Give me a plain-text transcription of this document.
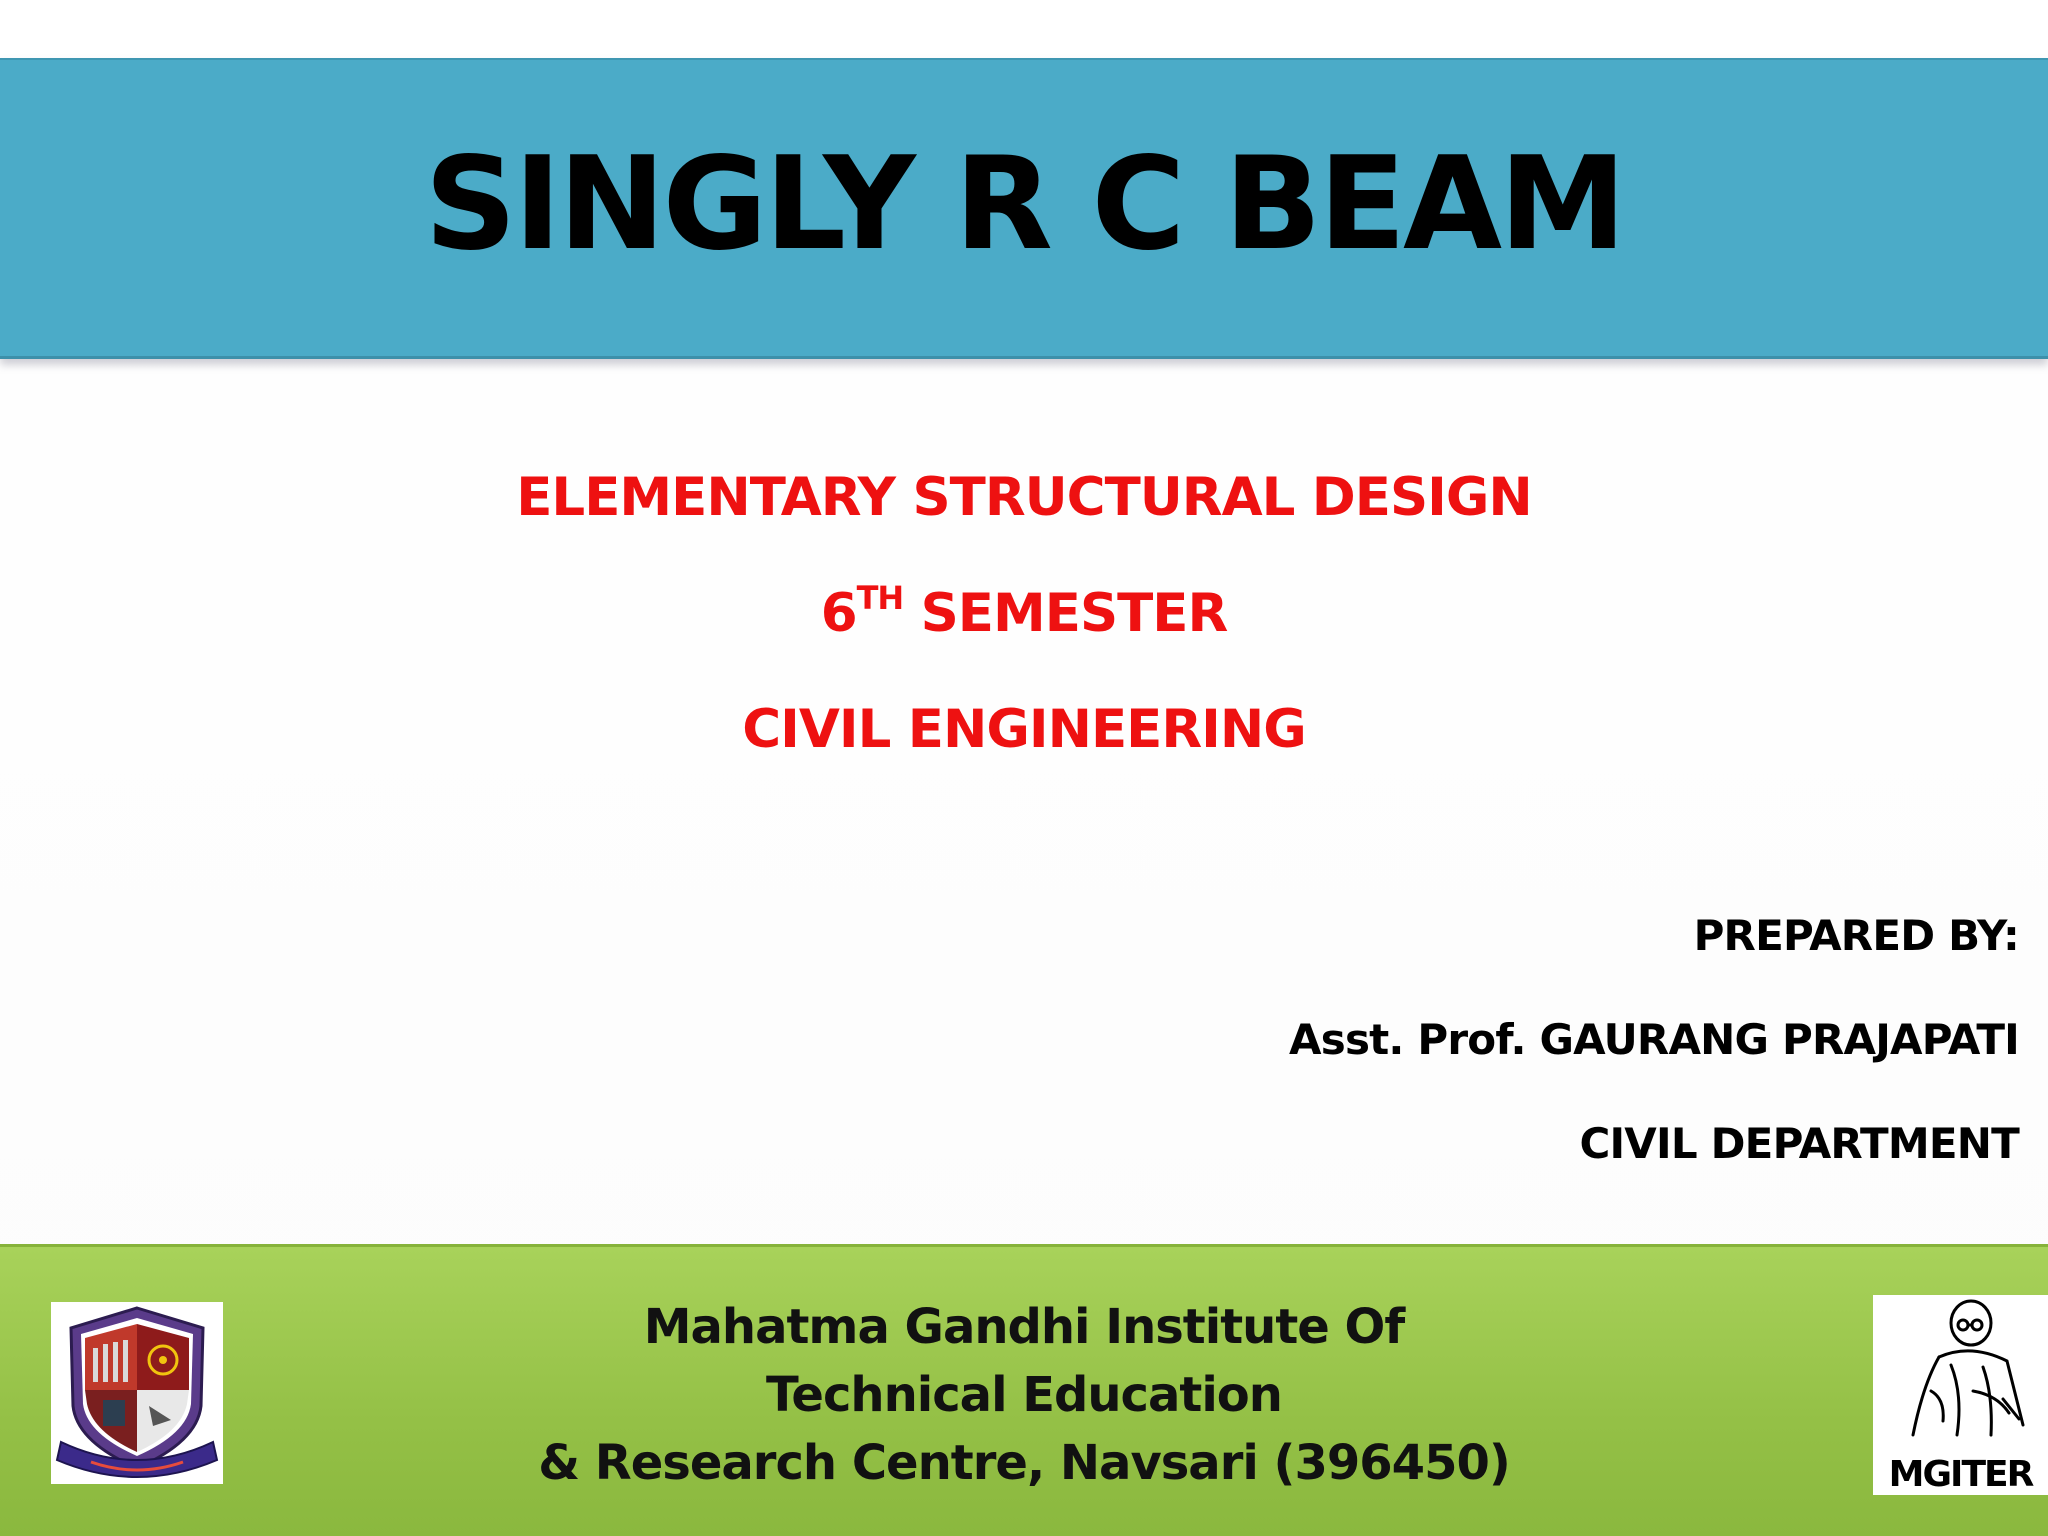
SINGLY R C BEAM
ELEMENTARY STRUCTURAL DESIGN
6TH SEMESTER
CIVIL ENGINEERING
PREPARED BY:
Asst. Prof. GAURANG PRAJAPATI
CIVIL DEPARTMENT
Mahatma Gandhi Institute Of
Technical Education
& Research Centre, Navsari (396450)	MGITER
